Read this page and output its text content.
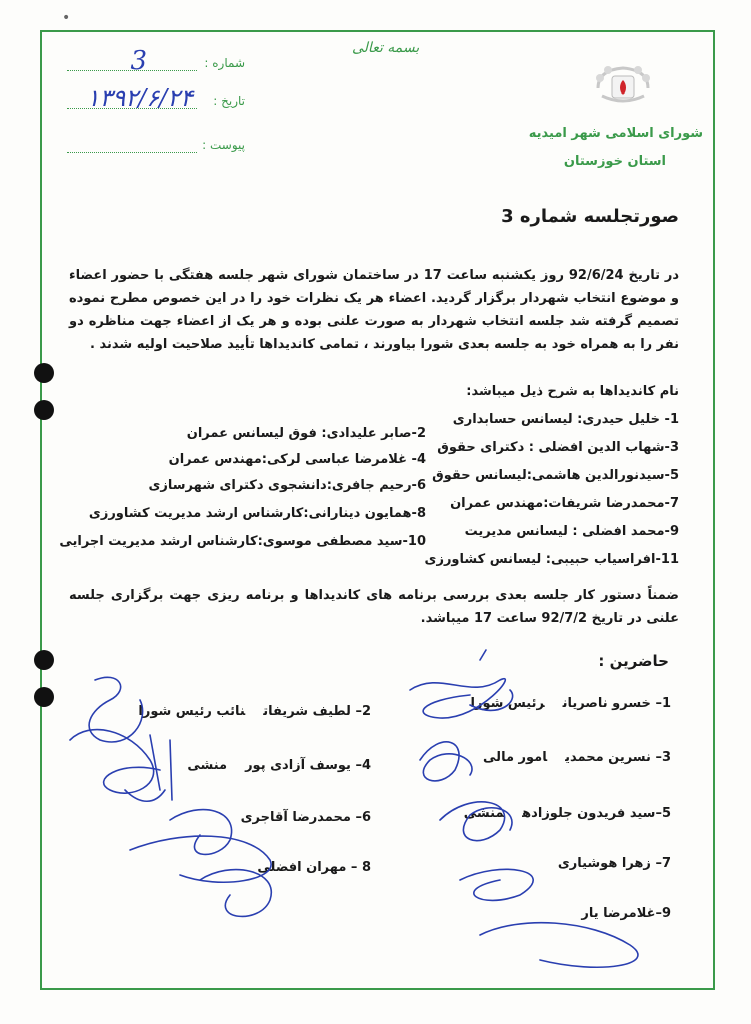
•
شماره :
3
تاریخ :
۱۳۹۲/۶/۲۴
پیوست :
بسمه تعالی
شورای اسلامی شهر امیدیه
استان خوزستان
صورتجلسه شماره 3
در تاریخ 92/6/24 روز یکشنبه ساعت 17 در ساختمان شورای شهر جلسه هفتگی با حضور اعضاء و موضوع انتخاب شهردار برگزار گردید. اعضاء هر یک نظرات خود را در این خصوص مطرح نموده تصمیم گرفته شد جلسه انتخاب شهردار به صورت علنی بوده و هر یک از اعضاء جهت مناظره دو نفر را به همراه خود به جلسه بعدی شورا بیاورند ، تمامی کاندیداها تأیید صلاحیت اولیه شدند .
نام کاندیداها به شرح ذیل میباشد:
1- خلیل حیدری: لیسانس حسابداری
3-شهاب الدین افضلی : دکترای حقوق
5-سیدنورالدین هاشمی:لیسانس حقوق
7-محمدرضا شریفات:مهندس عمران
9-محمد افضلی : لیسانس مدیریت
11-افراسیاب حبیبی: لیسانس کشاورزی
2-صابر علیدادی: فوق لیسانس عمران
4- غلامرضا عباسی لرکی:مهندس عمران
6-رحیم جافری:دانشجوی دکترای شهرسازی
8-همایون دینارانی:کارشناس ارشد مدیریت کشاورزی
10-سید مصطفی موسوی:کارشناس ارشد مدیریت اجرایی
ضمناً دستور کار جلسه بعدی بررسی برنامه های کاندیداها و برنامه ریزی جهت برگزاری جلسه علنی در تاریخ 92/7/2 ساعت 17 میباشد.
حاضرین :
1– خسرو ناصریانرئیس شورا
3– نسرین محمدیامور مالی
5–سید فریدون جلوزادهمنشی
7– زهرا هوشیاری
9–غلامرضا یار
2– لطیف شریفاتنائب رئیس شورا
4– یوسف آزادی پورمنشی
6– محمدرضا آقاجری
8 – مهران افضلی
